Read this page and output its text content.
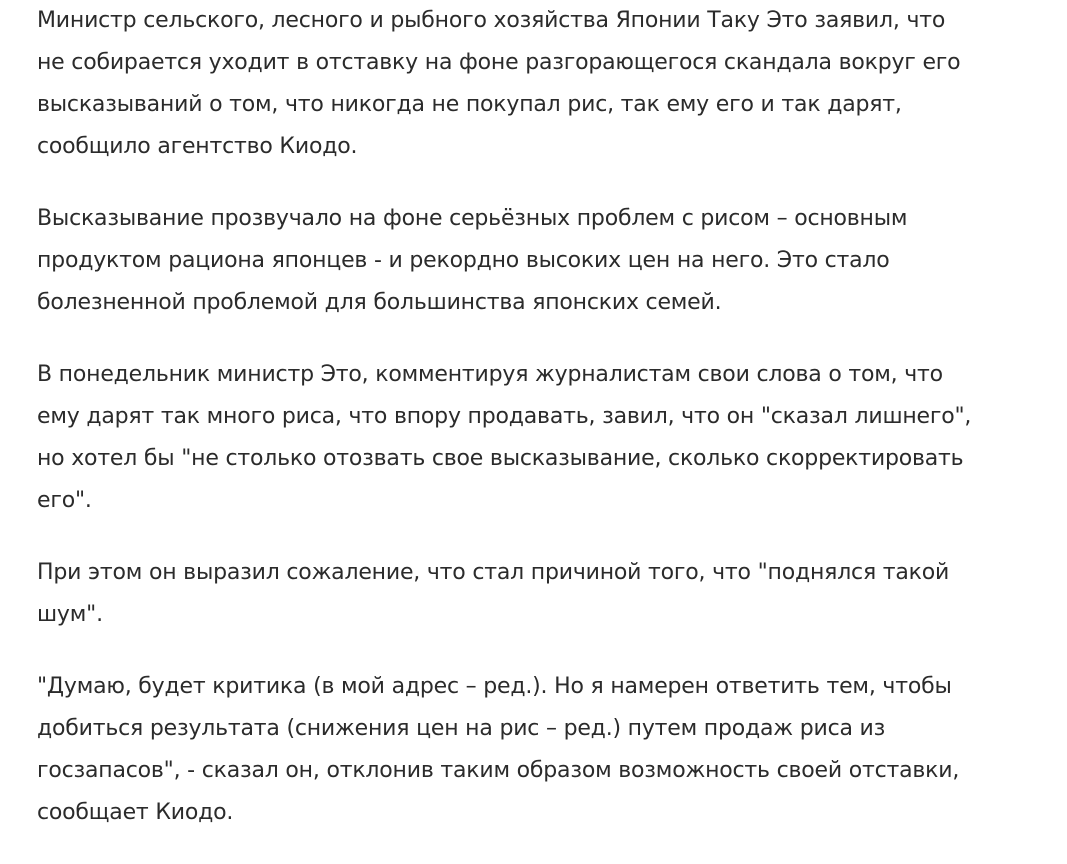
Министр сельского, лесного и рыбного хозяйства Японии Таку Это заявил, что
не собирается уходит в отставку на фоне разгорающегося скандала вокруг его
высказываний о том, что никогда не покупал рис, так ему его и так дарят,
сообщило агентство Киодо.

Высказывание прозвучало на фоне серьёзных проблем с рисом – основным
продуктом рациона японцев - и рекордно высоких цен на него. Это стало
болезненной проблемой для большинства японских семей.

В понедельник министр Это, комментируя журналистам свои слова о том, что
ему дарят так много риса, что впору продавать, завил, что он "сказал лишнего",
но хотел бы "не столько отозвать свое высказывание, сколько скорректировать
его".

При этом он выразил сожаление, что стал причиной того, что "поднялся такой
шум".

"Думаю, будет критика (в мой адрес – ред.). Но я намерен ответить тем, чтобы
добиться результата (снижения цен на рис – ред.) путем продаж риса из
госзапасов", - сказал он, отклонив таким образом возможность своей отставки,
сообщает Киодо.
